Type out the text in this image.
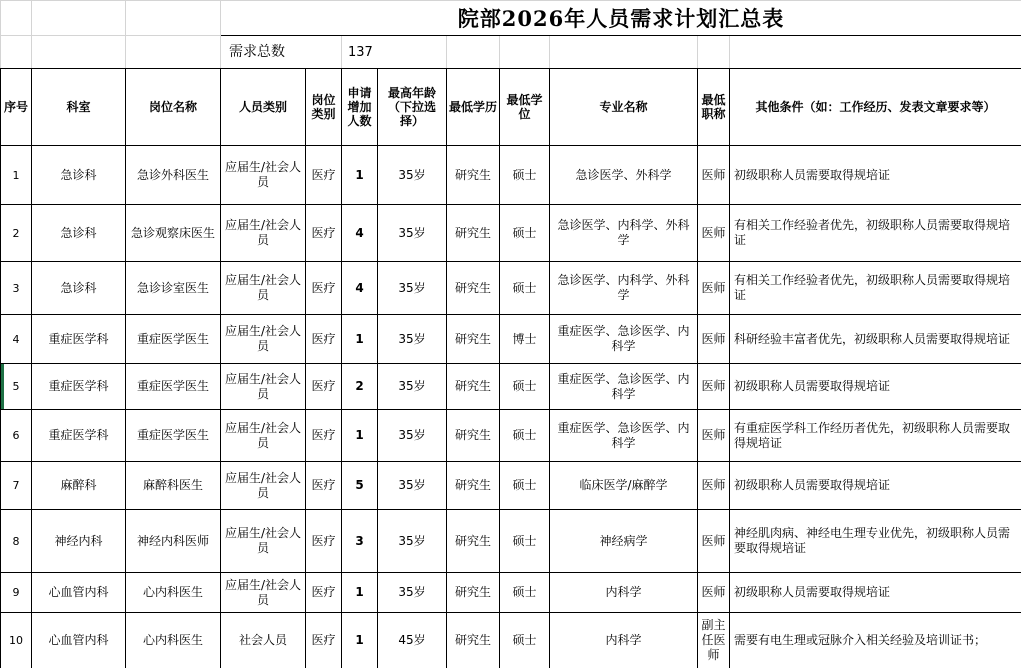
			院部2026年人员需求计划汇总表								
			需求总数		137						
序号	科室	岗位名称	人员类别	岗位类别	申请增加人数	最高年龄（下拉选择）	最低学历	最低学位	专业名称	最低职称	其他条件（如：工作经历、发表文章要求等）
1	急诊科	急诊外科医生	应届生/社会人员	医疗	1	35岁	研究生	硕士	急诊医学、外科学	医师	初级职称人员需要取得规培证
2	急诊科	急诊观察床医生	应届生/社会人员	医疗	4	35岁	研究生	硕士	急诊医学、内科学、外科学	医师	有相关工作经验者优先，初级职称人员需要取得规培证
3	急诊科	急诊诊室医生	应届生/社会人员	医疗	4	35岁	研究生	硕士	急诊医学、内科学、外科学	医师	有相关工作经验者优先，初级职称人员需要取得规培证
4	重症医学科	重症医学医生	应届生/社会人员	医疗	1	35岁	研究生	博士	重症医学、急诊医学、内科学	医师	科研经验丰富者优先，初级职称人员需要取得规培证
5	重症医学科	重症医学医生	应届生/社会人员	医疗	2	35岁	研究生	硕士	重症医学、急诊医学、内科学	医师	初级职称人员需要取得规培证
6	重症医学科	重症医学医生	应届生/社会人员	医疗	1	35岁	研究生	硕士	重症医学、急诊医学、内科学	医师	有重症医学科工作经历者优先，初级职称人员需要取得规培证
7	麻醉科	麻醉科医生	应届生/社会人员	医疗	5	35岁	研究生	硕士	临床医学/麻醉学	医师	初级职称人员需要取得规培证
8	神经内科	神经内科医师	应届生/社会人员	医疗	3	35岁	研究生	硕士	神经病学	医师	神经肌肉病、神经电生理专业优先，初级职称人员需要取得规培证
9	心血管内科	心内科医生	应届生/社会人员	医疗	1	35岁	研究生	硕士	内科学	医师	初级职称人员需要取得规培证
10	心血管内科	心内科医生	社会人员	医疗	1	45岁	研究生	硕士	内科学	副主任医师	需要有电生理或冠脉介入相关经验及培训证书；
